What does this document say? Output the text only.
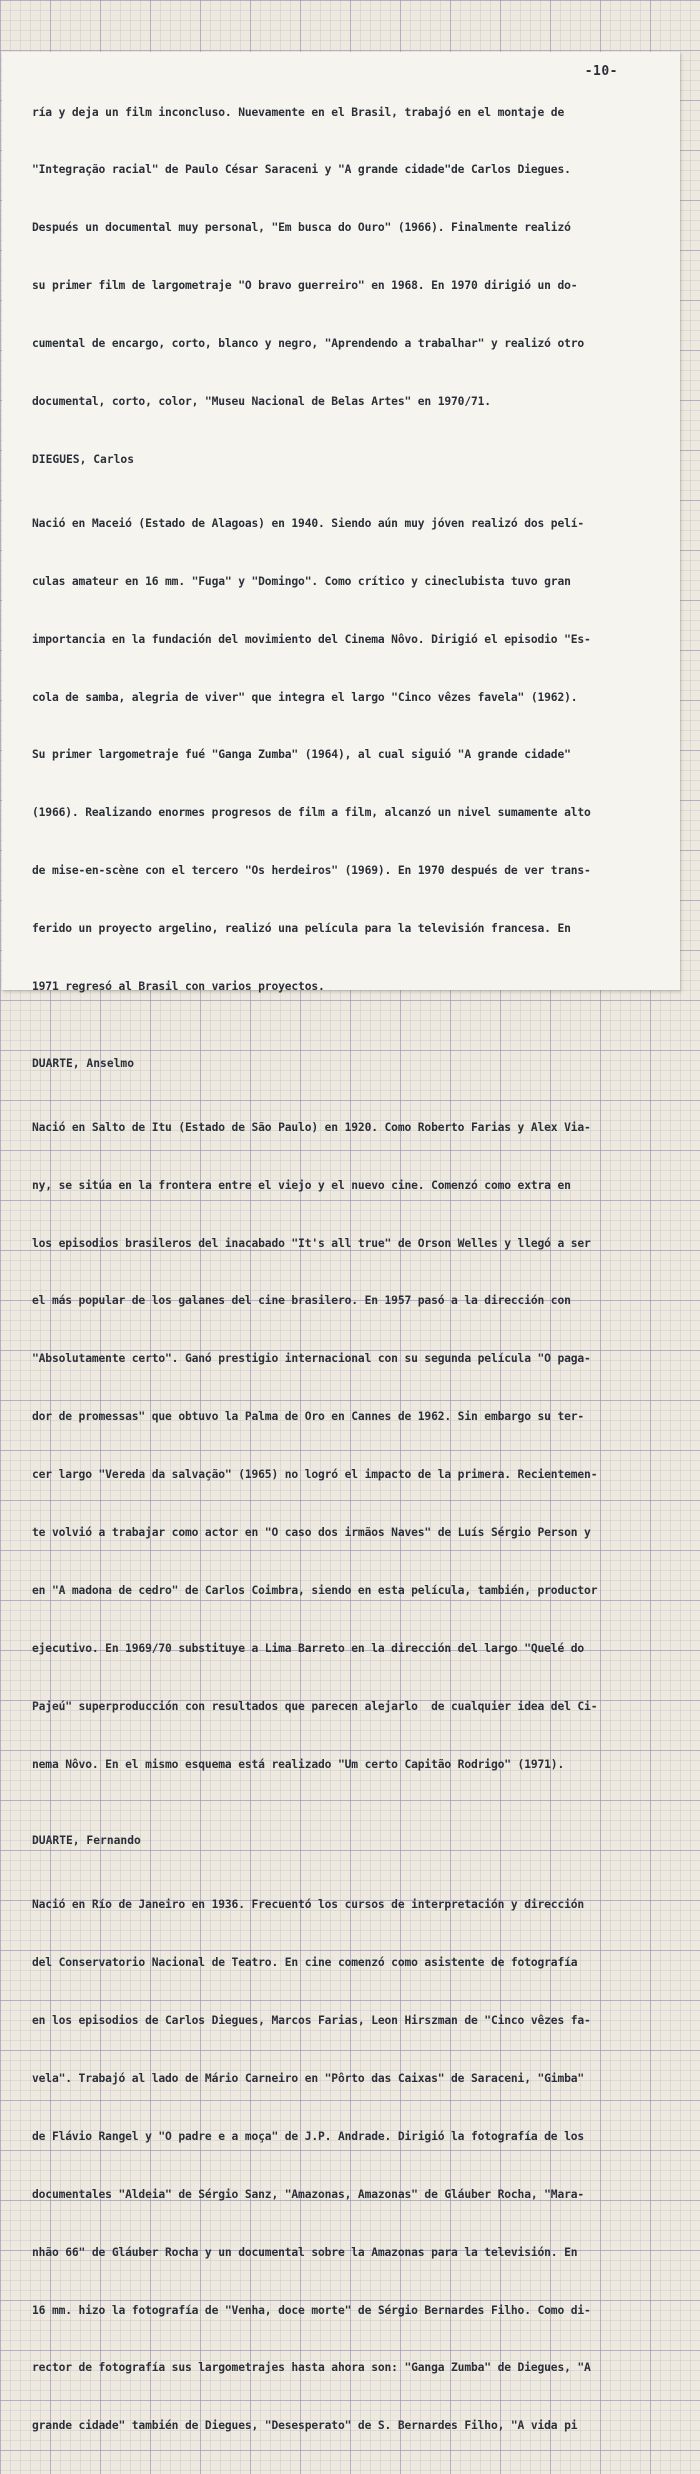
-10-

ría y deja un film inconcluso. Nuevamente en el Brasil, trabajó en el montaje de

"Integração racial" de Paulo César Saraceni y "A grande cidade"de Carlos Diegues.

Después un documental muy personal, "Em busca do Ouro" (1966). Finalmente realizó

su primer film de largometraje "O bravo guerreiro" en 1968. En 1970 dirigió un do-

cumental de encargo, corto, blanco y negro, "Aprendendo a trabalhar" y realizó otro

documental, corto, color, "Museu Nacional de Belas Artes" en 1970/71.

DIEGUES, Carlos

Nació en Maceió (Estado de Alagoas) en 1940. Siendo aún muy jóven realizó dos pelí-

culas amateur en 16 mm. "Fuga" y "Domingo". Como crítico y cineclubista tuvo gran

importancia en la fundación del movimiento del Cinema Nôvo. Dirigió el episodio "Es-

cola de samba, alegria de viver" que integra el largo "Cinco vêzes favela" (1962).

Su primer largometraje fué "Ganga Zumba" (1964), al cual siguió "A grande cidade"

(1966). Realizando enormes progresos de film a film, alcanzó un nivel sumamente alto

de mise-en-scène con el tercero "Os herdeiros" (1969). En 1970 después de ver trans-

ferido un proyecto argelino, realizó una película para la televisión francesa. En

1971 regresó al Brasil con varios proyectos.

DUARTE, Anselmo

Nació en Salto de Itu (Estado de São Paulo) en 1920. Como Roberto Farias y Alex Via-

ny, se sitúa en la frontera entre el viejo y el nuevo cine. Comenzó como extra en

los episodios brasileros del inacabado "It's all true" de Orson Welles y llegó a ser

el más popular de los galanes del cine brasilero. En 1957 pasó a la dirección con

"Absolutamente certo". Ganó prestigio internacional con su segunda película "O paga-

dor de promessas" que obtuvo la Palma de Oro en Cannes de 1962. Sin embargo su ter-

cer largo "Vereda da salvação" (1965) no logró el impacto de la primera. Recientemen-

te volvió a trabajar como actor en "O caso dos irmãos Naves" de Luís Sérgio Person y

en "A madona de cedro" de Carlos Coimbra, siendo en esta película, también, productor

ejecutivo. En 1969/70 substituye a Lima Barreto en la dirección del largo "Quelé do

Pajeú" superproducción con resultados que parecen alejarlo  de cualquier idea del Ci-

nema Nôvo. En el mismo esquema está realizado "Um certo Capitão Rodrigo" (1971).

DUARTE, Fernando

Nació en Río de Janeiro en 1936. Frecuentó los cursos de interpretación y dirección

del Conservatorio Nacional de Teatro. En cine comenzó como asistente de fotografía

en los episodios de Carlos Diegues, Marcos Farias, Leon Hirszman de "Cinco vêzes fa-

vela". Trabajó al lado de Mário Carneiro en "Pôrto das Caixas" de Saraceni, "Gimba"

de Flávio Rangel y "O padre e a moça" de J.P. Andrade. Dirigió la fotografía de los

documentales "Aldeia" de Sérgio Sanz, "Amazonas, Amazonas" de Gláuber Rocha, "Mara-

nhão 66" de Gláuber Rocha y un documental sobre la Amazonas para la televisión. En

16 mm. hizo la fotografía de "Venha, doce morte" de Sérgio Bernardes Filho. Como di-

rector de fotografía sus largometrajes hasta ahora son: "Ganga Zumba" de Diegues, "A

grande cidade" también de Diegues, "Desesperato" de S. Bernardes Filho, "A vida pi
